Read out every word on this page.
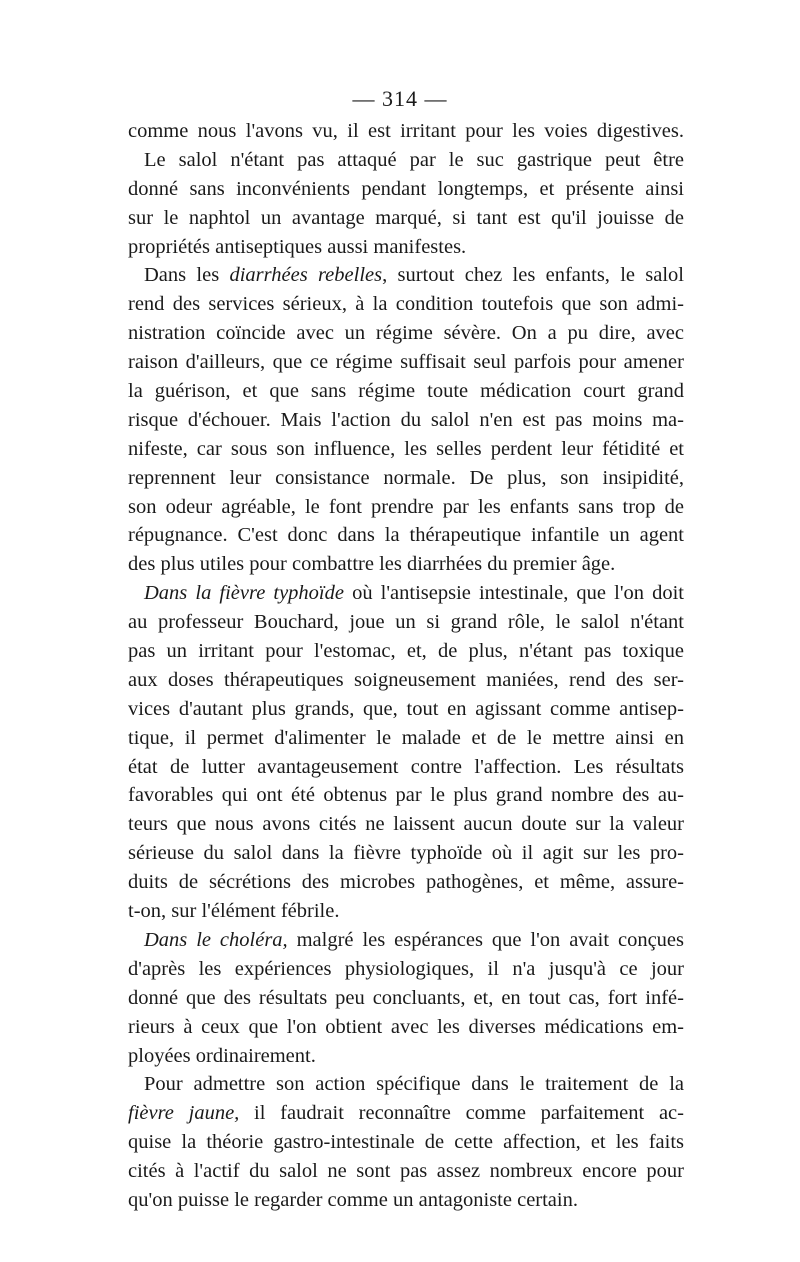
— 314 —
comme nous l'avons vu, il est irritant pour les voies digestives.
Le salol n'étant pas attaqué par le suc gastrique peut être
donné sans inconvénients pendant longtemps, et présente ainsi
sur le naphtol un avantage marqué, si tant est qu'il jouisse de
propriétés antiseptiques aussi manifestes.
Dans les diarrhées rebelles, surtout chez les enfants, le salol
rend des services sérieux, à la condition toutefois que son admi-
nistration coïncide avec un régime sévère. On a pu dire, avec
raison d'ailleurs, que ce régime suffisait seul parfois pour amener
la guérison, et que sans régime toute médication court grand
risque d'échouer. Mais l'action du salol n'en est pas moins ma-
nifeste, car sous son influence, les selles perdent leur fétidité et
reprennent leur consistance normale. De plus, son insipidité,
son odeur agréable, le font prendre par les enfants sans trop de
répugnance. C'est donc dans la thérapeutique infantile un agent
des plus utiles pour combattre les diarrhées du premier âge.
Dans la fièvre typhoïde où l'antisepsie intestinale, que l'on doit
au professeur Bouchard, joue un si grand rôle, le salol n'étant
pas un irritant pour l'estomac, et, de plus, n'étant pas toxique
aux doses thérapeutiques soigneusement maniées, rend des ser-
vices d'autant plus grands, que, tout en agissant comme antisep-
tique, il permet d'alimenter le malade et de le mettre ainsi en
état de lutter avantageusement contre l'affection. Les résultats
favorables qui ont été obtenus par le plus grand nombre des au-
teurs que nous avons cités ne laissent aucun doute sur la valeur
sérieuse du salol dans la fièvre typhoïde où il agit sur les pro-
duits de sécrétions des microbes pathogènes, et même, assure-
t-on, sur l'élément fébrile.
Dans le choléra, malgré les espérances que l'on avait conçues
d'après les expériences physiologiques, il n'a jusqu'à ce jour
donné que des résultats peu concluants, et, en tout cas, fort infé-
rieurs à ceux que l'on obtient avec les diverses médications em-
ployées ordinairement.
Pour admettre son action spécifique dans le traitement de la
fièvre jaune, il faudrait reconnaître comme parfaitement ac-
quise la théorie gastro-intestinale de cette affection, et les faits
cités à l'actif du salol ne sont pas assez nombreux encore pour
qu'on puisse le regarder comme un antagoniste certain.
